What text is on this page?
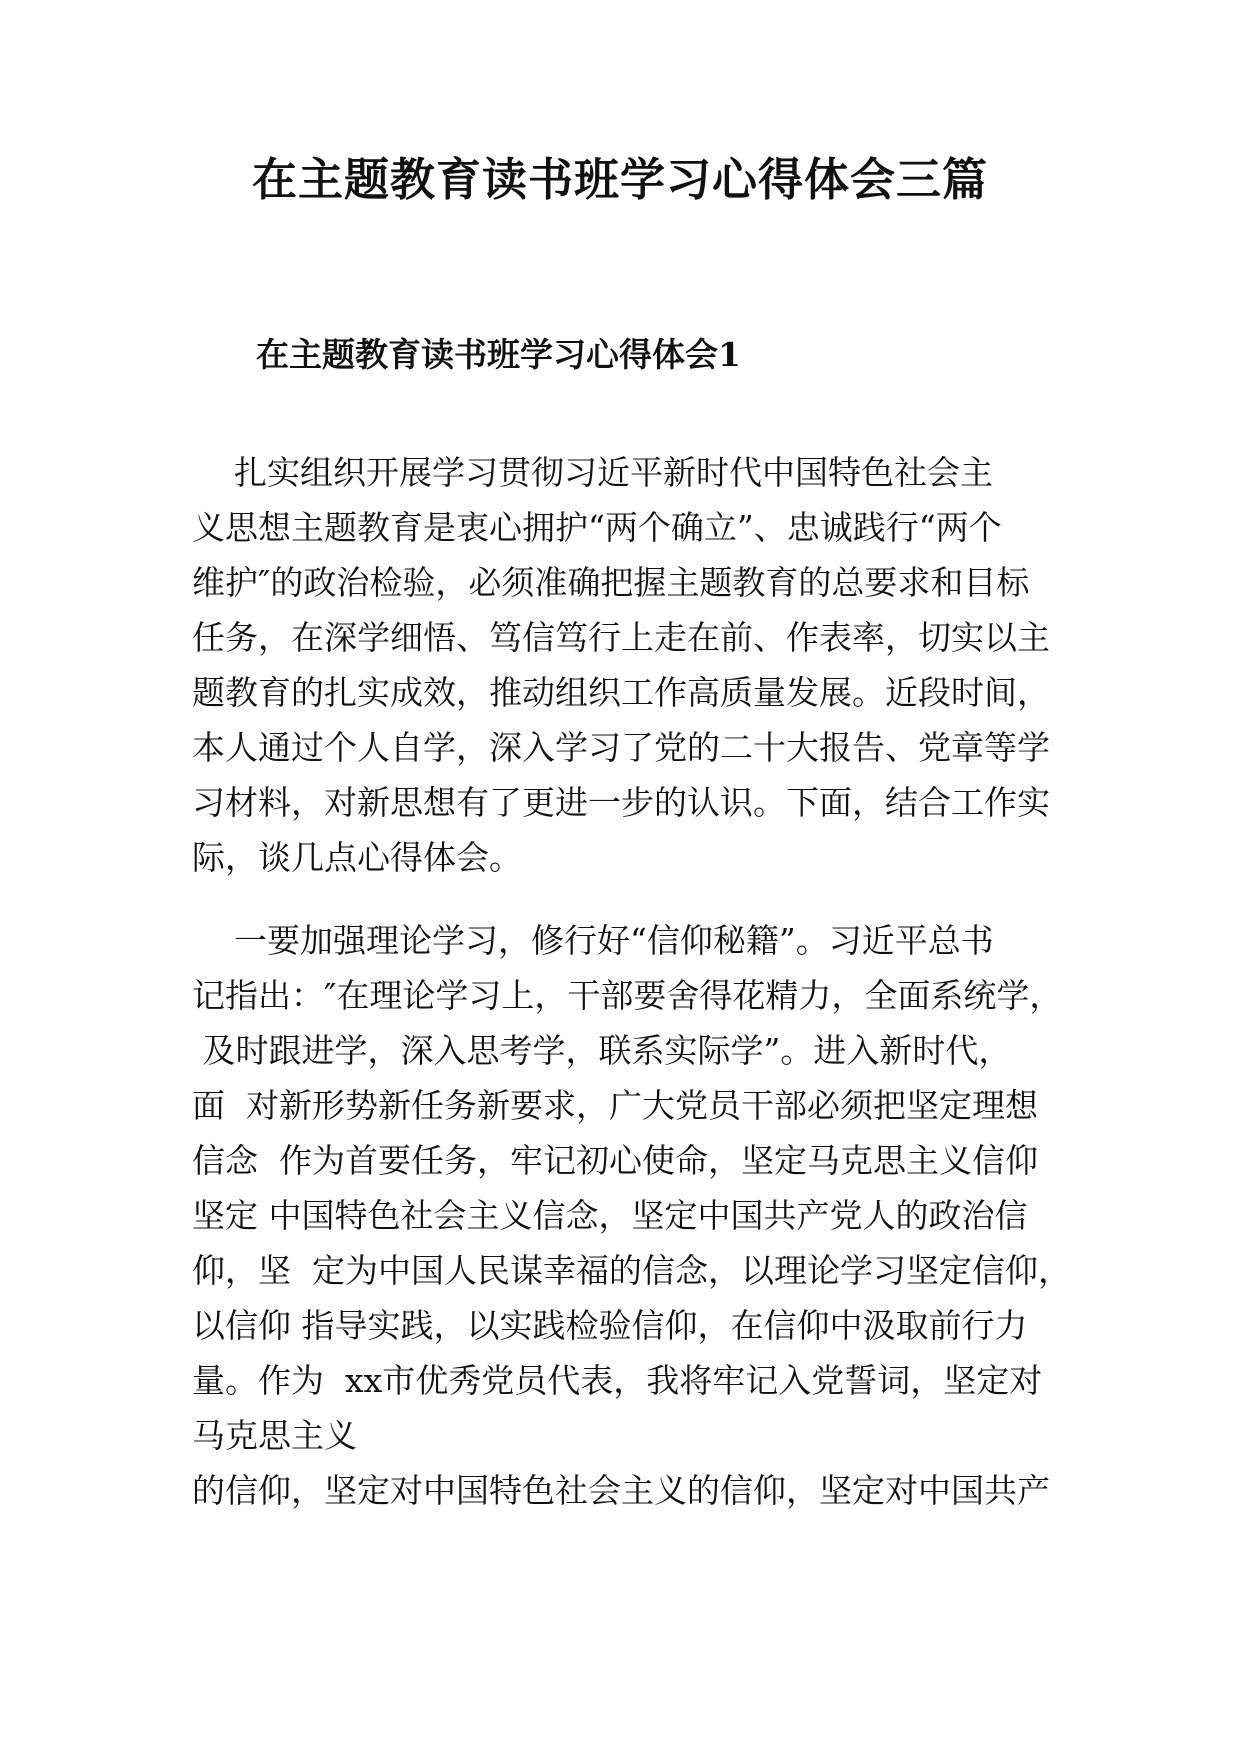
在主题教育读书班学习心得体会三篇
在主题教育读书班学习心得体会1
扎实组织开展学习贯彻习近平新时代中国特色社会主
义思想主题教育是衷心拥护“两个确立”、忠诚践行“两个
维护″的政治检验，必须准确把握主题教育的总要求和目标
任务，在深学细悟、笃信笃行上走在前、作表率，切实以主
题教育的扎实成效，推动组织工作高质量发展。近段时间，
本人通过个人自学，深入学习了党的二十大报告、党章等学
习材料，对新思想有了更进一步的认识。下面，结合工作实
际，谈几点心得体会。
一要加强理论学习，修行好“信仰秘籍”。习近平总书
记指出：″在理论学习上，干部要舍得花精力，全面系统学，
及时跟进学，深入思考学，联系实际学”。进入新时代，
面  对新形势新任务新要求，广大党员干部必须把坚定理想
信念  作为首要任务，牢记初心使命，坚定马克思主义信仰
坚定 中国特色社会主义信念，坚定中国共产党人的政治信
仰，坚  定为中国人民谋幸福的信念，以理论学习坚定信仰，
以信仰 指导实践，以实践检验信仰，在信仰中汲取前行力
量。作为  xx市优秀党员代表，我将牢记入党誓词，坚定对
马克思主义
的信仰，坚定对中国特色社会主义的信仰，坚定对中国共产
